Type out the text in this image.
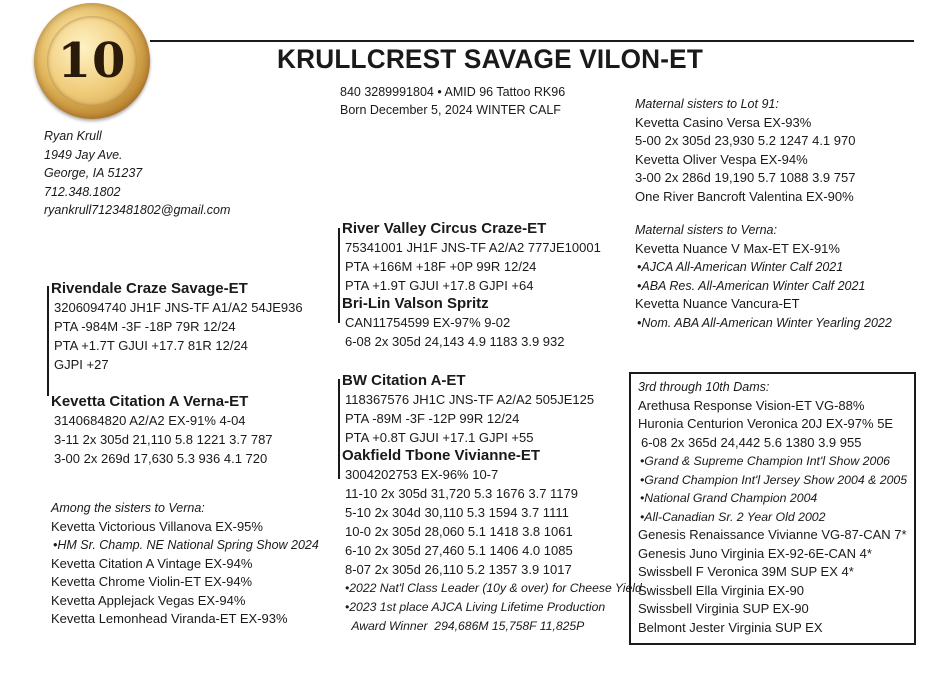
10	KRULLCREST SAVAGE VILON-ET
840 3289991804 • AMID 96 Tattoo RK96
Born December 5, 2024 WINTER CALF
Ryan Krull
1949 Jay Ave.
George, IA 51237
712.348.1802
ryankrull7123481802@gmail.com
Rivendale Craze Savage-ET
3206094740 JH1F JNS-TF A1/A2 54JE936
PTA -984M -3F -18P 79R 12/24
PTA +1.7T GJUI +17.7 81R 12/24
GJPI +27
Kevetta Citation A Verna-ET
3140684820 A2/A2 EX-91% 4-04
3-11 2x 305d 21,110 5.8 1221 3.7 787
3-00 2x 269d 17,630 5.3 936 4.1 720
Among the sisters to Verna:
Kevetta Victorious Villanova EX-95%
•HM Sr. Champ. NE National Spring Show 2024
Kevetta Citation A Vintage EX-94%
Kevetta Chrome Violin-ET EX-94%
Kevetta Applejack Vegas EX-94%
Kevetta Lemonhead Viranda-ET EX-93%
River Valley Circus Craze-ET
75341001 JH1F JNS-TF A2/A2 777JE10001
PTA +166M +18F +0P 99R 12/24
PTA +1.9T GJUI +17.8 GJPI +64
Bri-Lin Valson Spritz
CAN11754599 EX-97% 9-02
6-08 2x 305d 24,143 4.9 1183 3.9 932
BW Citation A-ET
118367576 JH1C JNS-TF A2/A2 505JE125
PTA -89M -3F -12P 99R 12/24
PTA +0.8T GJUI +17.1 GJPI +55
Oakfield Tbone Vivianne-ET
3004202753 EX-96% 10-7
11-10 2x 305d 31,720 5.3 1676 3.7 1179
5-10 2x 304d 30,110 5.3 1594 3.7 1111
10-0 2x 305d 28,060 5.1 1418 3.8 1061
6-10 2x 305d 27,460 5.1 1406 4.0 1085
8-07 2x 305d 26,110 5.2 1357 3.9 1017
•2022 Nat'l Class Leader (10y & over) for Cheese Yield
•2023 1st place AJCA Living Lifetime Production
Award Winner  294,686M 15,758F 11,825P
Maternal sisters to Lot 91:
Kevetta Casino Versa EX-93%
5-00 2x 305d 23,930 5.2 1247 4.1 970
Kevetta Oliver Vespa EX-94%
3-00 2x 286d 19,190 5.7 1088 3.9 757
One River Bancroft Valentina EX-90%
Maternal sisters to Verna:
Kevetta Nuance V Max-ET EX-91%
•AJCA All-American Winter Calf 2021
•ABA Res. All-American Winter Calf 2021
Kevetta Nuance Vancura-ET
•Nom. ABA All-American Winter Yearling 2022
3rd through 10th Dams:
Arethusa Response Vision-ET VG-88%
Huronia Centurion Veronica 20J EX-97% 5E
6-08 2x 365d 24,442 5.6 1380 3.9 955
•Grand & Supreme Champion Int'l Show 2006
•Grand Champion Int'l Jersey Show 2004 & 2005
•National Grand Champion 2004
•All-Canadian Sr. 2 Year Old 2002
Genesis Renaissance Vivianne VG-87-CAN 7*
Genesis Juno Virginia EX-92-6E-CAN 4*
Swissbell F Veronica 39M SUP EX 4*
Swissbell Ella Virginia EX-90
Swissbell Virginia SUP EX-90
Belmont Jester Virginia SUP EX
